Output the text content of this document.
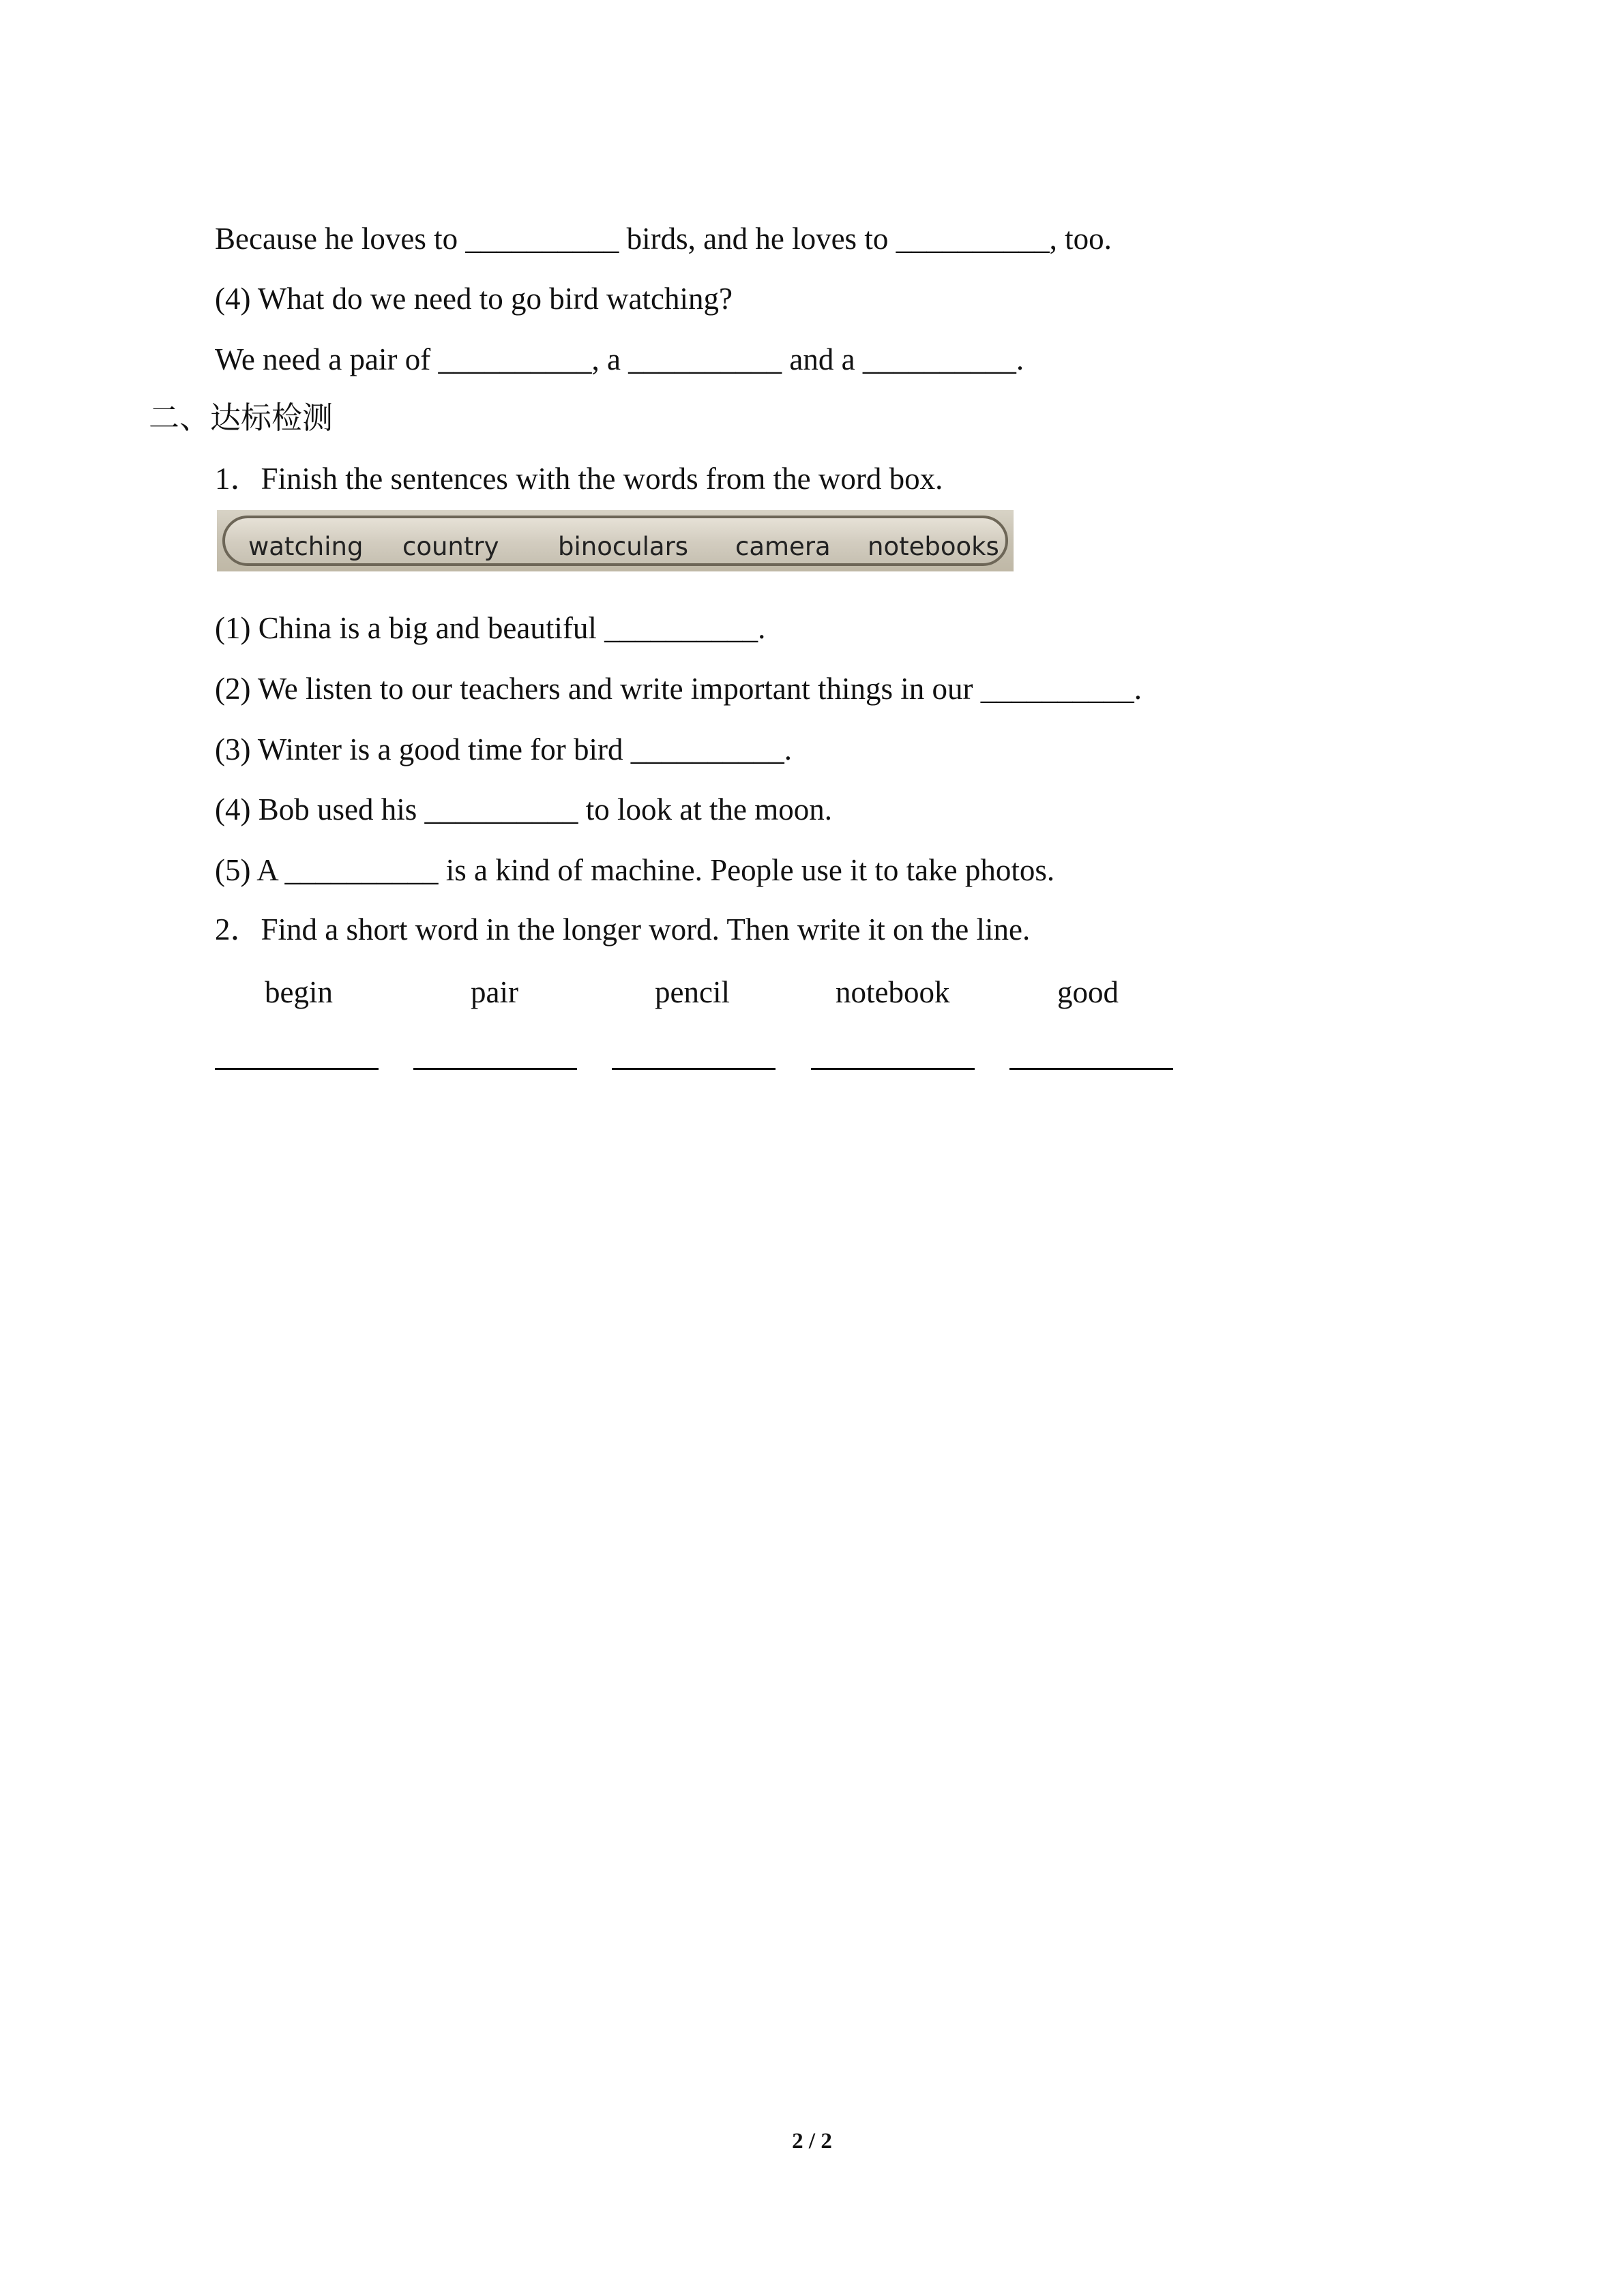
Because he loves to __________ birds, and he loves to __________, too.
(4) What do we need to go bird watching?
We need a pair of __________, a __________ and a __________.
二、达标检测
1．Finish the sentences with the words from the word box.
watching country binoculars camera notebooks
(1) China is a big and beautiful __________.
(2) We listen to our teachers and write important things in our __________.
(3) Winter is a good time for bird __________.
(4) Bob used his __________ to look at the moon.
(5) A __________ is a kind of machine. People use it to take photos.
2．Find a short word in the longer word. Then write it on the line.
begin	pair	pencil	notebook	good
2 / 2
